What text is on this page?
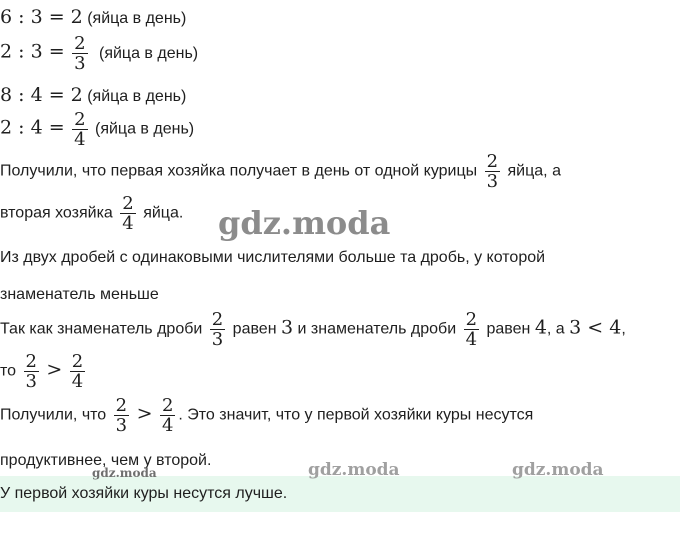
6 : 3 = 2 (яйца в день)
2 : $3 = \frac{2}{3}$ (яйца в день)
8 : 4 = 2 (яйца в день)
2 : $4 = \frac{2}{4}$ (яйца в день)
Получили, что первая хозяйка получает в день от одной курицы $\frac{2}{3}$ яйца, а
вторая хозяйка $\frac{2}{4}$ яйца. gdz.moda
Из двух дробей с одинаковыми числителями больше та дробь, у которой
знаменатель меньше
Так как знаменатель дроби $\frac{2}{3}$ равен 3 и знаменатель дроби $\frac{2}{4}$ равен 4, а 3 < 4,
то $\frac{2}{3} > \frac{2}{4}$
Получили, что $\frac{2}{3} > \frac{2}{4}$ . Это значит, что у первой хозяйки куры несутся
продуктивнее, чем у второй.
gdz.moda	gdz.moda	gdz.moda
У первой хозяйки куры несутся лучше.
